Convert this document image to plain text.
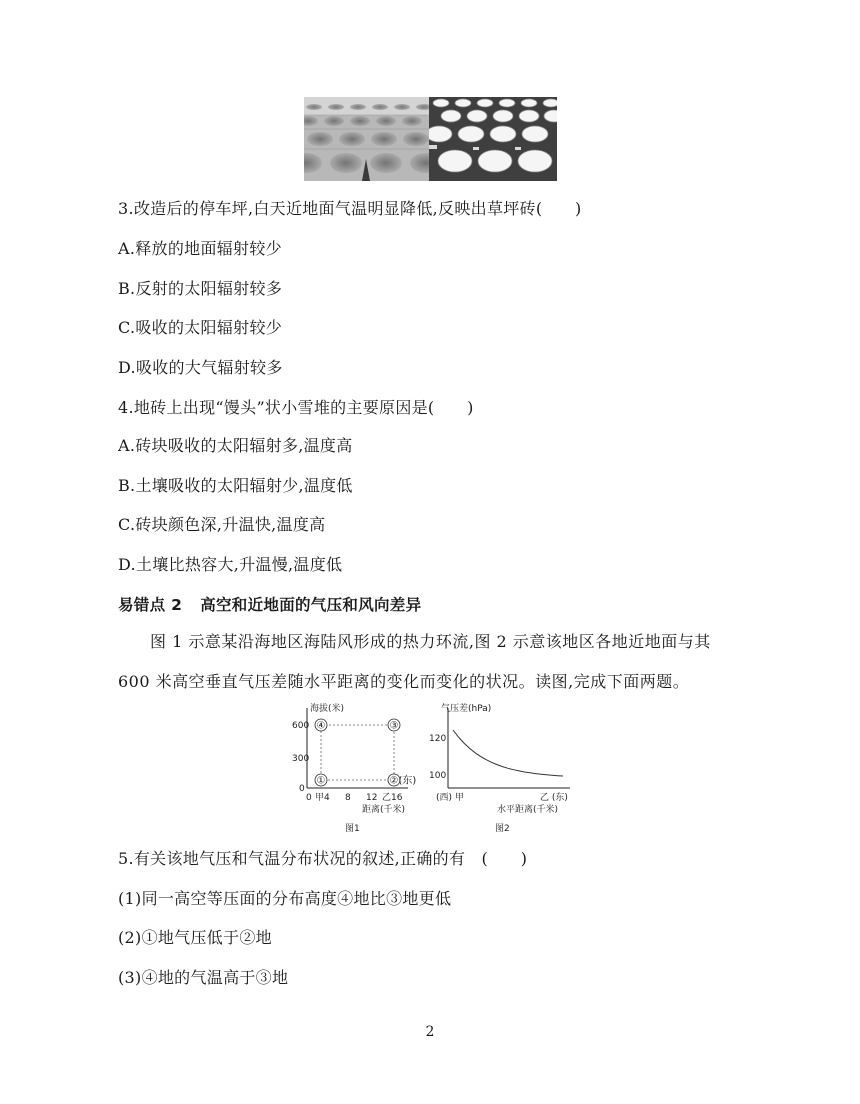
3.改造后的停车坪,白天近地面气温明显降低,反映出草坪砖(　　)
A.释放的地面辐射较少
B.反射的太阳辐射较多
C.吸收的太阳辐射较少
D.吸收的大气辐射较多
4.地砖上出现“馒头”状小雪堆的主要原因是(　　)
A.砖块吸收的太阳辐射多,温度高
B.土壤吸收的太阳辐射少,温度低
C.砖块颜色深,升温快,温度高
D.土壤比热容大,升温慢,温度低
易错点 2 高空和近地面的气压和风向差异
图 1 示意某沿海地区海陆风形成的热力环流,图 2 示意该地区各地近地面与其 600 米高空垂直气压差随水平距离的变化而变化的状况。读图,完成下面两题。
海拔(米)
600
300
0
④	③
①	②(东)
0 甲4 8 12 乙16
距离(千米)
图1
气压差(hPa)
120
100
(西) 甲	乙 (东)
水平距离(千米)
图2
5.有关该地气压和气温分布状况的叙述,正确的有　(　　)
(1)同一高空等压面的分布高度④地比③地更低
(2)①地气压低于②地
(3)④地的气温高于③地
2
